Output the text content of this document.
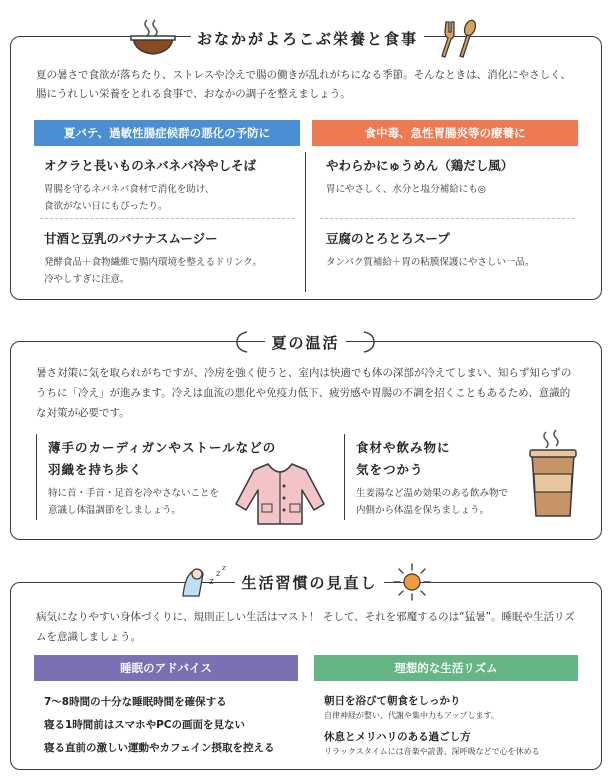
おなかがよろこぶ栄養と食事
夏の暑さで食欲が落ちたり、ストレスや冷えで腸の働きが乱れがちになる季節。そんなときは、消化にやさしく、腸にうれしい栄養をとれる食事で、おなかの調子を整えましょう。
夏バテ、過敏性腸症候群の悪化の予防に	食中毒、急性胃腸炎等の療養に
オクラと長いものネバネバ冷やしそば
胃腸を守るネバネバ食材で消化を助け、
食欲がない日にもぴったり。
甘酒と豆乳のバナナスムージー
発酵食品＋食物繊維で腸内環境を整えるドリンク。
冷やしすぎに注意。
やわらかにゅうめん（鶏だし風）
胃にやさしく、水分と塩分補給にも◎
豆腐のとろとろスープ
タンパク質補給＋胃の粘膜保護にやさしい一品。
夏の温活
暑さ対策に気を取られがちですが、冷房を強く使うと、室内は快適でも体の深部が冷えてしまい、知らず知らずの
うちに「冷え」が進みます。冷えは血流の悪化や免疫力低下、疲労感や胃腸の不調を招くこともあるため、意識的
な対策が必要です。
薄手のカーディガンやストールなどの
羽織を持ち歩く
特に首・手首・足首を冷やさないことを
意識し体温調節をしましょう。
食材や飲み物に
気をつかう
生姜湯など温め効果のある飲み物で
内側から体温を保ちましょう。
z
z
z
生活習慣の見直し
病気になりやすい身体づくりに、規則正しい生活はマスト！ そして、それを邪魔するのは“猛暑”。睡眠や生活リズ
ムを意識しましょう。
睡眠のアドバイス	理想的な生活リズム
7〜8時間の十分な睡眠時間を確保する
寝る1時間前はスマホやPCの画面を見ない
寝る直前の激しい運動やカフェイン摂取を控える
朝日を浴びて朝食をしっかり
自律神経が整い、代謝や集中力もアップします。
休息とメリハリのある過ごし方
リラックスタイムには音楽や読書、深呼吸などで心を休める
